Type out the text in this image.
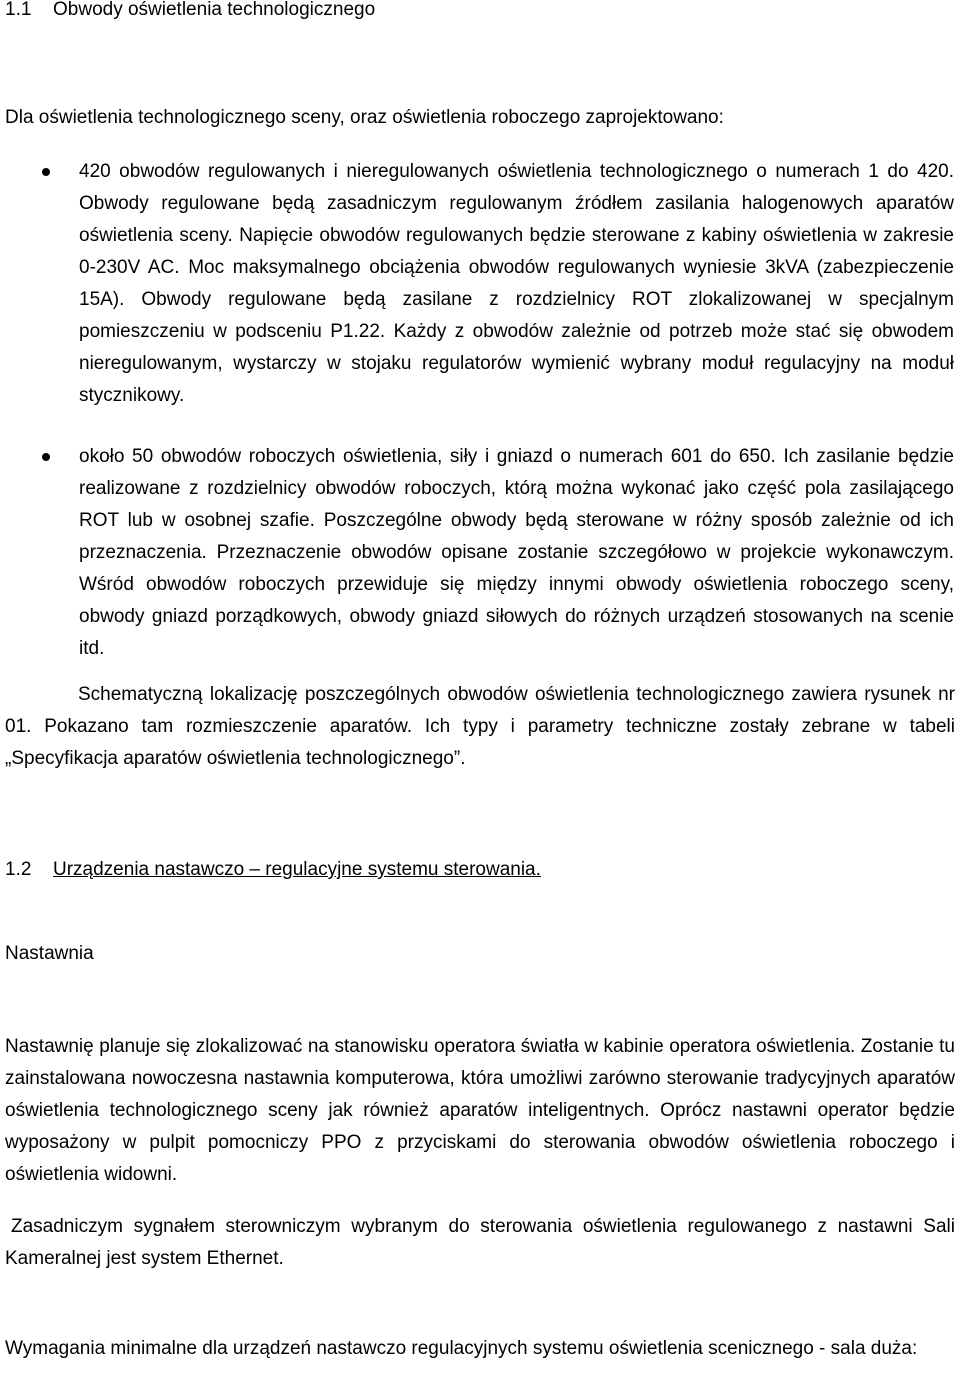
1.1 Obwody oświetlenia technologicznego
Dla oświetlenia technologicznego sceny, oraz oświetlenia roboczego zaprojektowano:
420 obwodów regulowanych i nieregulowanych oświetlenia technologicznego o numerach 1 do 420. Obwody regulowane będą zasadniczym regulowanym źródłem zasilania halogenowych aparatów oświetlenia sceny. Napięcie obwodów regulowanych będzie sterowane z kabiny oświetlenia w zakresie 0-230V AC. Moc maksymalnego obciążenia obwodów regulowanych wyniesie 3kVA (zabezpieczenie 15A). Obwody regulowane będą zasilane z rozdzielnicy ROT zlokalizowanej w specjalnym pomieszczeniu w podsceniu P1.22. Każdy z obwodów zależnie od potrzeb może stać się obwodem nieregulowanym, wystarczy w stojaku regulatorów wymienić wybrany moduł regulacyjny na moduł stycznikowy.
około 50 obwodów roboczych oświetlenia, siły i gniazd o numerach 601 do 650. Ich zasilanie będzie realizowane z rozdzielnicy obwodów roboczych, którą można wykonać jako część pola zasilającego ROT lub w osobnej szafie. Poszczególne obwody będą sterowane w różny sposób zależnie od ich przeznaczenia. Przeznaczenie obwodów opisane zostanie szczegółowo w projekcie wykonawczym. Wśród obwodów roboczych przewiduje się między innymi obwody oświetlenia roboczego sceny, obwody gniazd porządkowych, obwody gniazd siłowych do różnych urządzeń stosowanych na scenie itd.
Schematyczną lokalizację poszczególnych obwodów oświetlenia technologicznego zawiera rysunek nr 01. Pokazano tam rozmieszczenie aparatów. Ich typy i parametry techniczne zostały zebrane w tabeli „Specyfikacja aparatów oświetlenia technologicznego”.
1.2 Urządzenia nastawczo – regulacyjne systemu sterowania.
Nastawnia
Nastawnię planuje się zlokalizować na stanowisku operatora światła w kabinie operatora oświetlenia. Zostanie tu zainstalowana nowoczesna nastawnia komputerowa, która umożliwi zarówno sterowanie tradycyjnych aparatów oświetlenia technologicznego sceny jak również aparatów inteligentnych. Oprócz nastawni operator będzie wyposażony w pulpit pomocniczy PPO z przyciskami do sterowania obwodów oświetlenia roboczego i oświetlenia widowni.
Zasadniczym sygnałem sterowniczym wybranym do sterowania oświetlenia regulowanego z nastawni Sali Kameralnej jest system Ethernet.
Wymagania minimalne dla urządzeń nastawczo regulacyjnych systemu oświetlenia scenicznego - sala duża:
